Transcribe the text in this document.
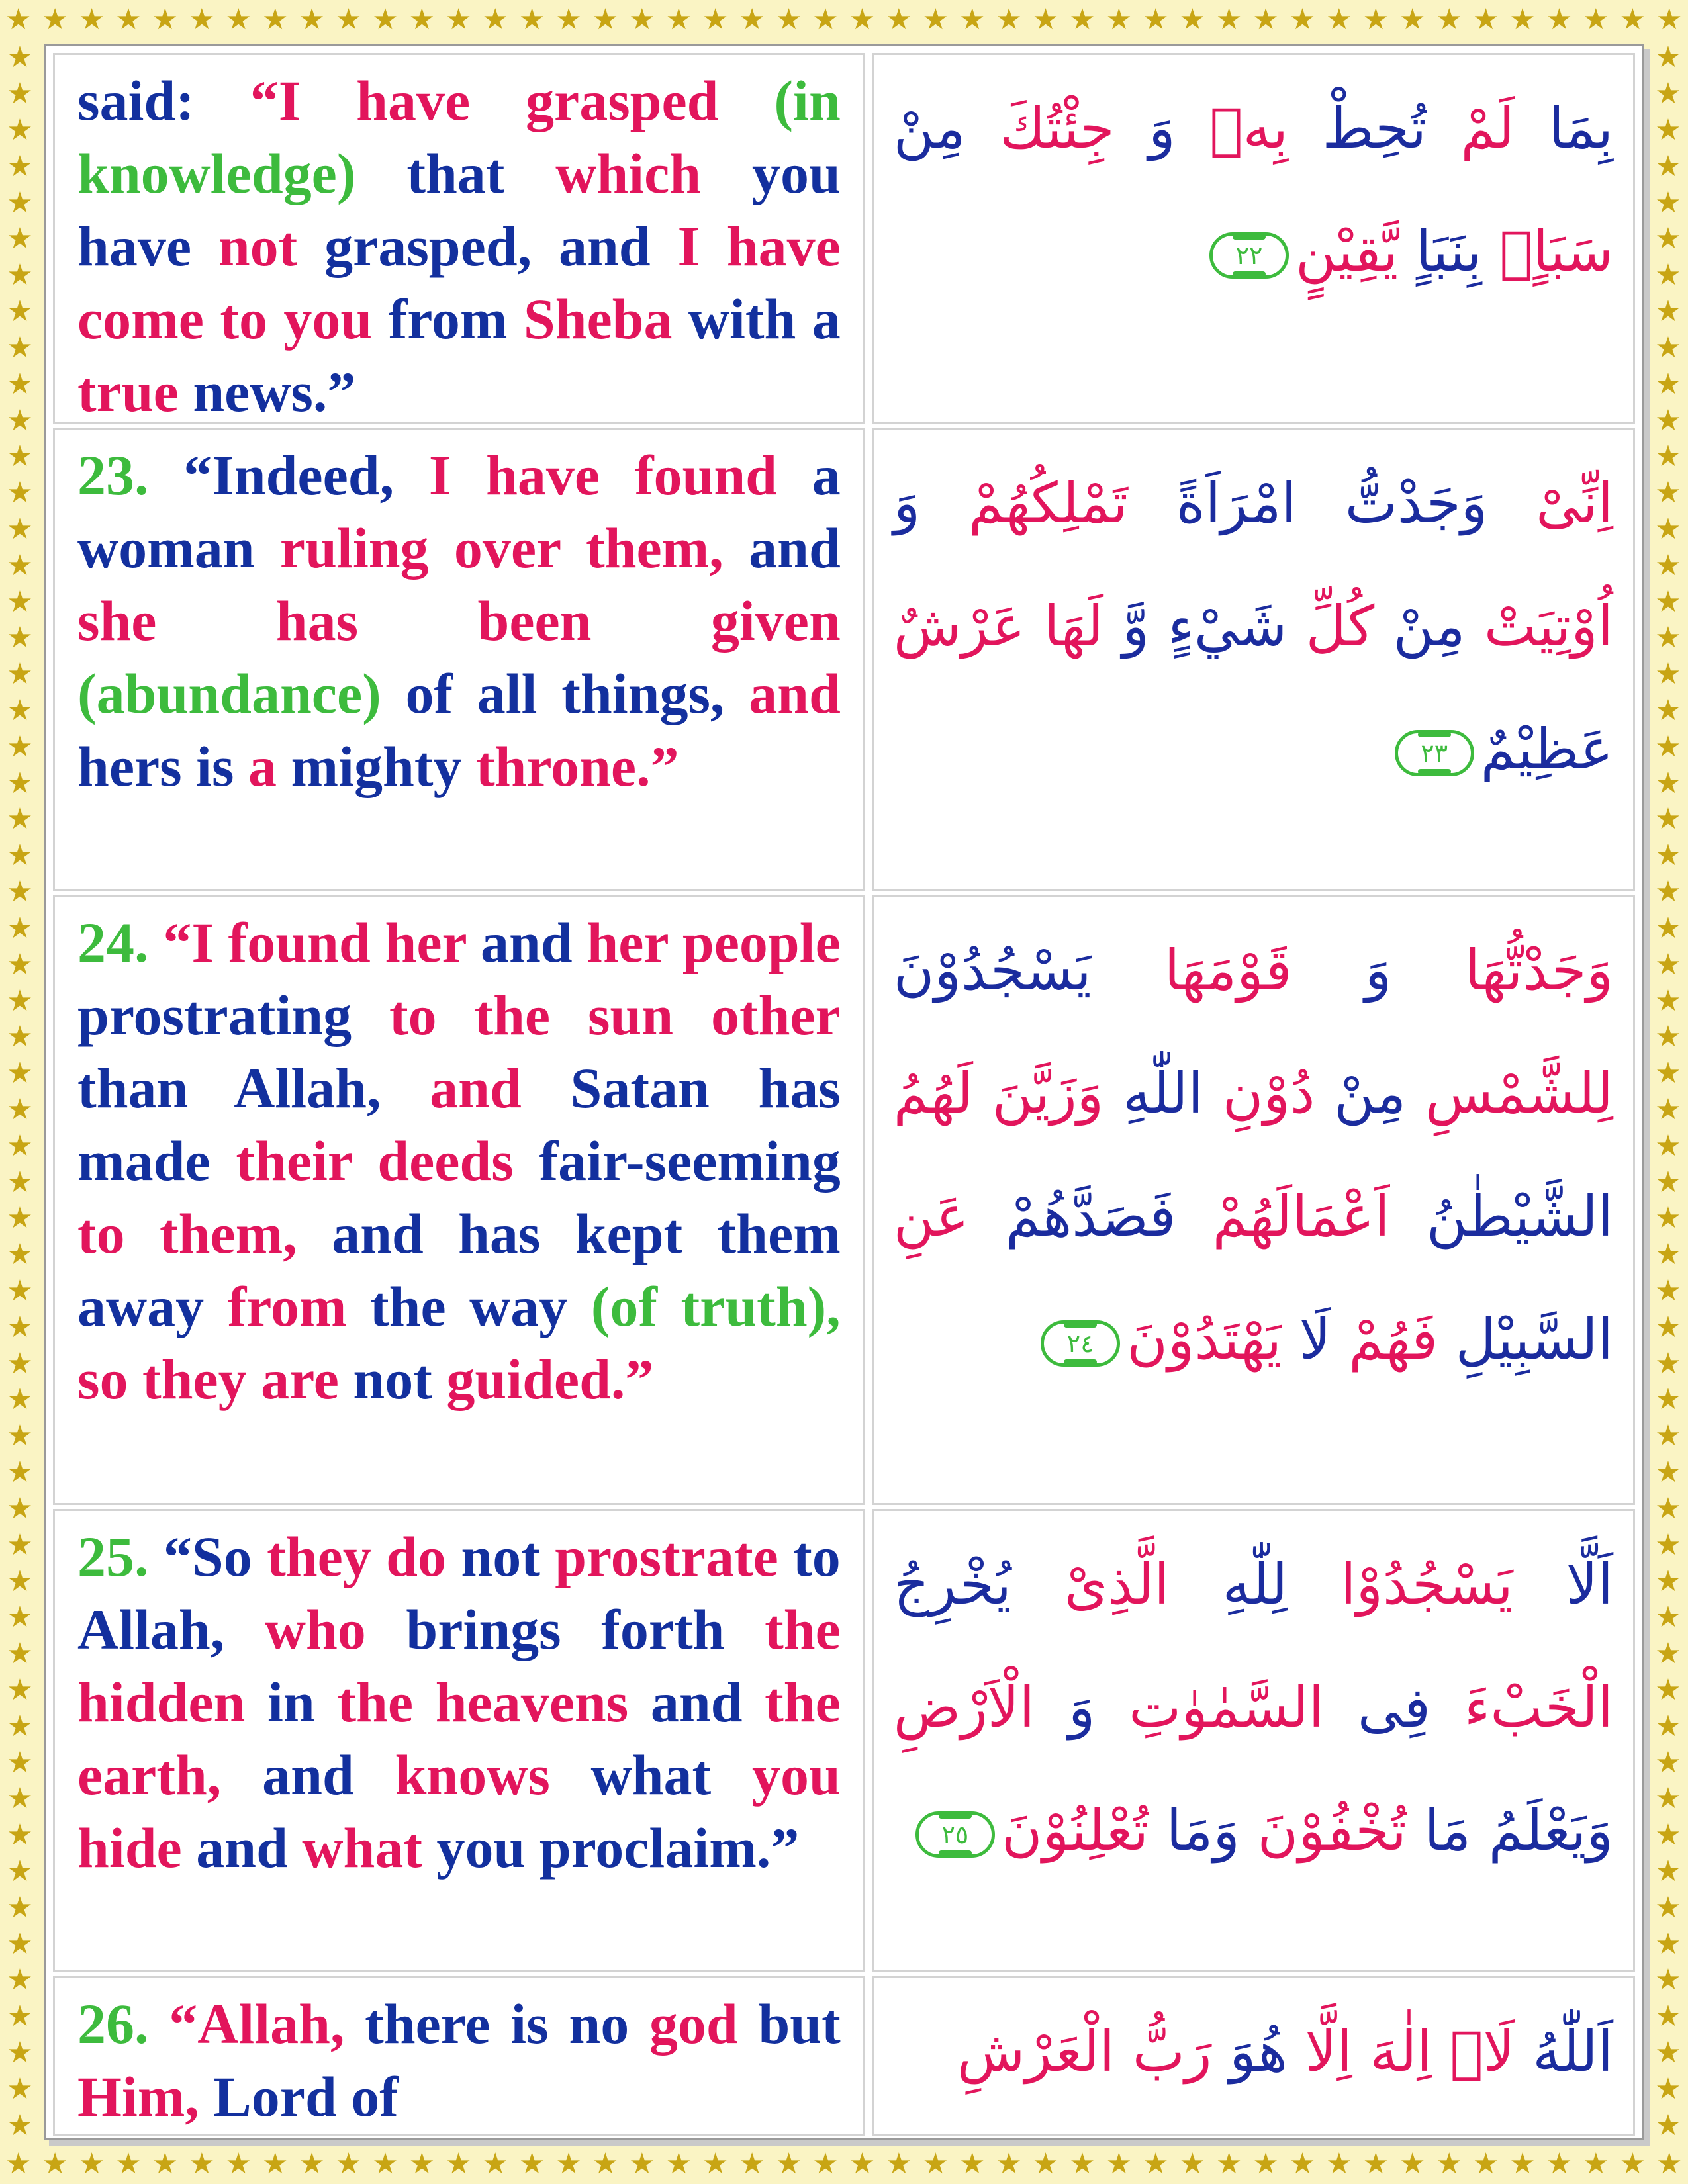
★ ★ ★ ★ ★ ★ ★ ★ ★ ★ ★ ★ ★ ★ ★ ★ ★ ★ ★ ★ ★ ★ ★ ★ ★ ★ ★ ★ ★ ★ ★ ★ ★ ★ ★ ★ ★ ★ ★ ★ ★ ★ ★ ★ ★ ★
★ ★ ★ ★ ★ ★ ★ ★ ★ ★ ★ ★ ★ ★ ★ ★ ★ ★ ★ ★ ★ ★ ★ ★ ★ ★ ★ ★ ★ ★ ★ ★ ★ ★ ★ ★ ★ ★ ★ ★ ★ ★ ★ ★ ★ ★
★
★
★
★
★
★
★
★
★
★
★
★
★
★
★
★
★
★
★
★
★
★
★
★
★
★
★
★
★
★
★
★
★
★
★
★
★
★
★
★
★
★
★
★
★
★
★
★
★
★
★
★
★
★
★
★
★
★
★
★
★
★
★
★
★
★
★
★
★
★
★
★
★
★
★
★
★
★
★
★
★
★
★
★
★
★
★
★
★
★
★
★
★
★
★
★
★
★
★
★
★
★
★
★
★
★
★
★
★
★
★
★
★
★
★
★
said: “I have grasped (in knowledge) that which you have not grasped, and I have come to you from Sheba with a true news.”
بِمَا لَمْ تُحِطْ بِهٖ وَ جِئْتُكَ مِنْ سَبَاٍۭ بِنَبَاٍ يَّقِيْنٍ٢٢
23. “Indeed, I have found a woman ruling over them, and she has been given (abundance) of all things, and hers is a mighty throne.”
اِنِّىْ وَجَدْتُّ امْرَاَةً تَمْلِكُهُمْ وَ اُوْتِيَتْ مِنْ كُلِّ شَيْءٍ وَّ لَهَا عَرْشٌ عَظِيْمٌ٢٣
24. “I found her and her people prostrating to the sun other than Allah, and Satan has made their deeds fair-seeming to them, and has kept them away from the way (of truth), so they are not guided.”
وَجَدْتُّهَا وَ قَوْمَهَا يَسْجُدُوْنَ لِلشَّمْسِ مِنْ دُوْنِ اللّٰهِ وَزَيَّنَ لَهُمُ الشَّيْطٰنُ اَعْمَالَهُمْ فَصَدَّهُمْ عَنِ السَّبِيْلِ فَهُمْ لَا يَهْتَدُوْنَ٢٤
25. “So they do not prostrate to Allah, who brings forth the hidden in the heavens and the earth, and knows what you hide and what you proclaim.”
اَلَّا يَسْجُدُوْا لِلّٰهِ الَّذِىْ يُخْرِجُ الْخَبْءَ فِى السَّمٰوٰتِ وَ الْاَرْضِ وَيَعْلَمُ مَا تُخْفُوْنَ وَمَا تُعْلِنُوْنَ٢٥
26. “Allah, there is no god but Him, Lord of
اَللّٰهُ لَاۤ اِلٰهَ اِلَّا هُوَ رَبُّ الْعَرْشِ
